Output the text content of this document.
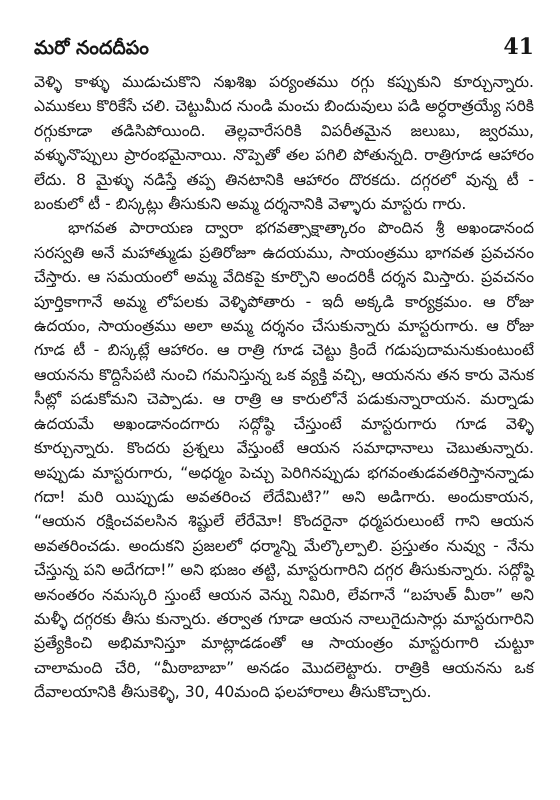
మరో నందదీపం	41

వెళ్ళి కాళ్ళు ముడుచుకొని నఖశిఖ పర్యంతము రగ్గు కప్పుకుని కూర్చున్నారు. ఎముకలు కొరికేసే చలి. చెట్టుమీద నుండి మంచు బిందువులు పడి అర్ధరాత్రయ్యే సరికి రగ్గుకూడా తడిసిపోయింది. తెల్లవారేసరికి విపరీతమైన జలుబు, జ్వరము, వళ్ళునొప్పులు ప్రారంభమైనాయి. నొప్పెతో తల పగిలి పోతున్నది. రాత్రిగూడ ఆహారం లేదు. 8 మైళ్ళు నడిస్తే తప్ప తినటానికి ఆహారం దొరకదు. దగ్గరలో వున్న టీ - బంకులో టీ - బిస్కట్లు తీసుకుని అమ్మ దర్శనానికి వెళ్ళారు మాస్టరు గారు.

భాగవత పారాయణ ద్వారా భగవత్సాక్షాత్కారం పొందిన శ్రీ అఖండానంద సరస్వతి అనే మహాత్ముడు ప్రతిరోజూ ఉదయము, సాయంత్రము భాగవత ప్రవచనం చేస్తారు. ఆ సమయంలో అమ్మ వేదికపై కూర్చొని అందరికీ దర్శన మిస్తారు. ప్రవచనం పూర్తికాగానే అమ్మ లోపలకు వెళ్ళిపోతారు - ఇదీ అక్కడి కార్యక్రమం. ఆ రోజు ఉదయం, సాయంత్రము అలా అమ్మ దర్శనం చేసుకున్నారు మాస్టరుగారు. ఆ రోజు గూడ టీ - బిస్కట్లే ఆహారం. ఆ రాత్రి గూడ చెట్టు క్రిందే గడుపుదామనుకుంటుంటే ఆయనను కొద్దిసేపటి నుంచి గమనిస్తున్న ఒక వ్యక్తి వచ్చి, ఆయనను తన కారు వెనుక సీట్లో పడుకోమని చెప్పాడు. ఆ రాత్రి ఆ కారులోనే పడుకున్నారాయన. మర్నాడు ఉదయమే అఖండానందగారు సద్గోష్ఠి చేస్తుంటే మాస్టరుగారు గూడ వెళ్ళి కూర్చున్నారు. కొందరు ప్రశ్నలు వేస్తుంటే ఆయన సమాధానాలు చెబుతున్నారు. అప్పుడు మాస్టరుగారు, “అధర్మం పెచ్చు పెరిగినప్పుడు భగవంతుడవతరిస్తానన్నాడు గదా! మరి యిప్పుడు అవతరించ లేదేమిటి?” అని అడిగారు. అందుకాయన, “ఆయన రక్షించవలసిన శిష్టులే లేరేమో! కొందరైనా ధర్మపరులుంటే గాని ఆయన అవతరించడు. అందుకని ప్రజలలో ధర్మాన్ని మేల్కొల్పాలి. ప్రస్తుతం నువ్వు - నేను చేస్తున్న పని అదేగదా!” అని భుజం తట్టి, మాస్టరుగారిని దగ్గర తీసుకున్నారు. సద్గోష్ఠి అనంతరం నమస్కరి స్తుంటే ఆయన వెన్ను నిమిరి, లేవగానే “బహుత్ మీఠా” అని మళ్ళీ దగ్గరకు తీసు కున్నారు. తర్వాత గూడా ఆయన నాలుగైదుసార్లు మాస్టరుగారిని ప్రత్యేకించి అభిమానిస్తూ మాట్లాడడంతో ఆ సాయంత్రం మాస్టరుగారి చుట్టూ చాలామంది చేరి, “మీఠాబాబా” అనడం మొదలెట్టారు. రాత్రికి ఆయనను ఒక దేవాలయానికి తీసుకెళ్ళి, 30, 40మంది ఫలహారాలు తీసుకొచ్చారు.
